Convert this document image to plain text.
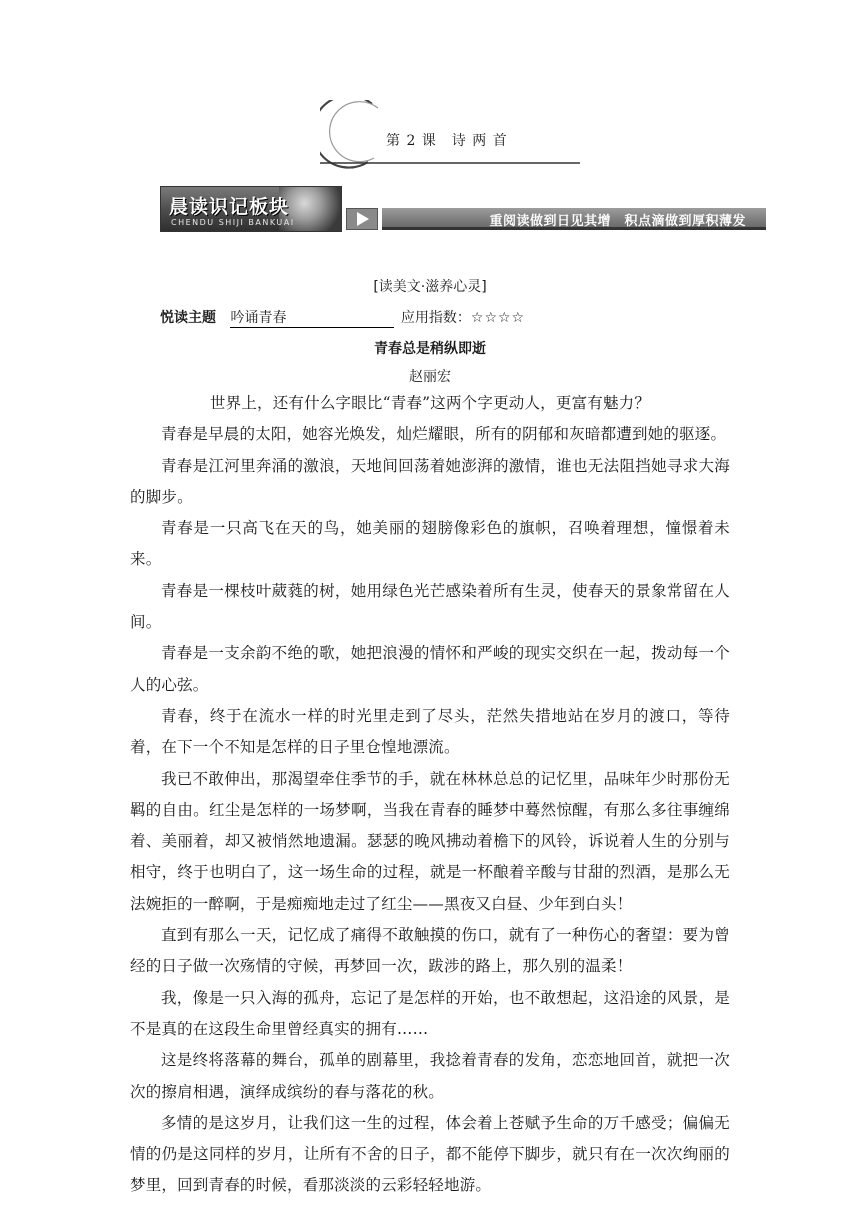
第 2 课　诗 两 首
晨读识记板块
CHENDU SHIJI BANKUAI	重阅读做到日见其增　积点滴做到厚积薄发
[读美文·滋养心灵]
悦读主题 吟诵青春	应用指数：☆☆☆☆
青春总是稍纵即逝
赵丽宏

世界上，还有什么字眼比“青春”这两个字更动人，更富有魅力？

青春是早晨的太阳，她容光焕发，灿烂耀眼，所有的阴郁和灰暗都遭到她的驱逐。

青春是江河里奔涌的激浪，天地间回荡着她澎湃的激情，谁也无法阻挡她寻求大海的脚步。

青春是一只高飞在天的鸟，她美丽的翅膀像彩色的旗帜，召唤着理想，憧憬着未来。

青春是一棵枝叶葳蕤的树，她用绿色光芒感染着所有生灵，使春天的景象常留在人间。

青春是一支余韵不绝的歌，她把浪漫的情怀和严峻的现实交织在一起，拨动每一个人的心弦。

青春，终于在流水一样的时光里走到了尽头，茫然失措地站在岁月的渡口，等待着，在下一个不知是怎样的日子里仓惶地漂流。

我已不敢伸出，那渴望牵住季节的手，就在林林总总的记忆里，品味年少时那份无羁的自由。红尘是怎样的一场梦啊，当我在青春的睡梦中蓦然惊醒，有那么多往事缠绵着、美丽着，却又被悄然地遗漏。瑟瑟的晚风拂动着檐下的风铃，诉说着人生的分别与相守，终于也明白了，这一场生命的过程，就是一杯酿着辛酸与甘甜的烈酒，是那么无法婉拒的一醉啊，于是痴痴地走过了红尘——黑夜又白昼、少年到白头！

直到有那么一天，记忆成了痛得不敢触摸的伤口，就有了一种伤心的奢望：要为曾经的日子做一次殇情的守候，再梦回一次，跋涉的路上，那久别的温柔！

我，像是一只入海的孤舟，忘记了是怎样的开始，也不敢想起，这沿途的风景，是不是真的在这段生命里曾经真实的拥有……

这是终将落幕的舞台，孤单的剧幕里，我捻着青春的发角，恋恋地回首，就把一次次的擦肩相遇，演绎成缤纷的春与落花的秋。

多情的是这岁月，让我们这一生的过程，体会着上苍赋予生命的万千感受；偏偏无情的仍是这同样的岁月，让所有不舍的日子，都不能停下脚步，就只有在一次次绚丽的梦里，回到青春的时候，看那淡淡的云彩轻轻地游。
